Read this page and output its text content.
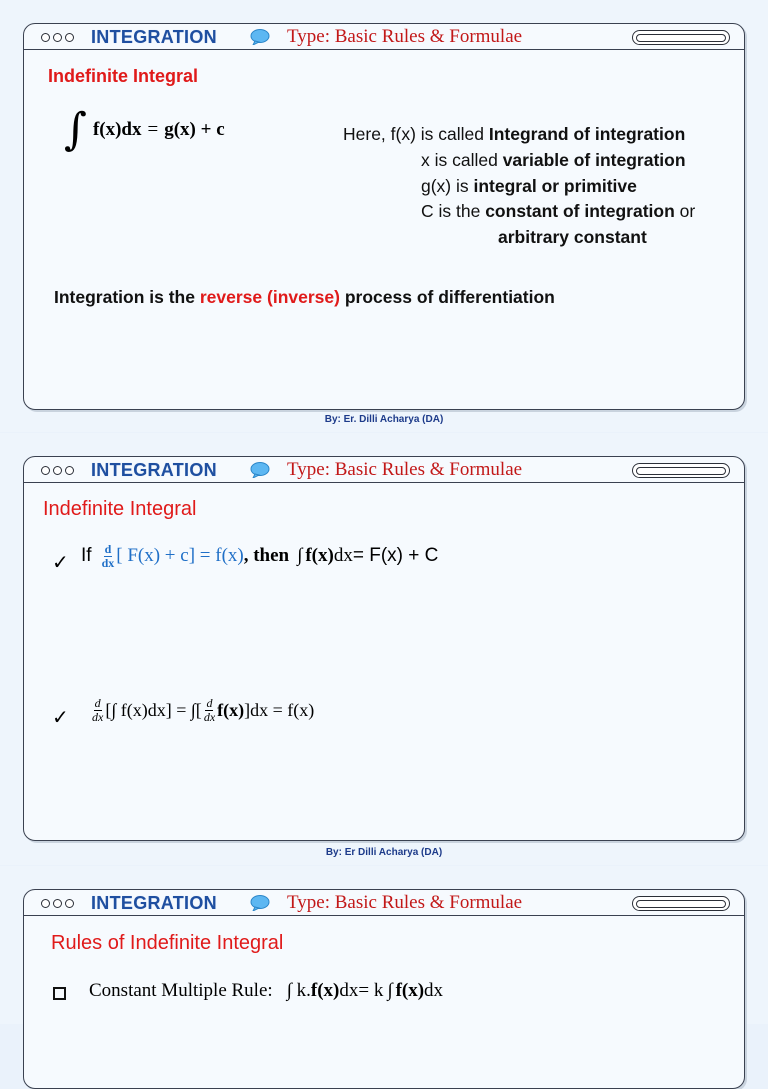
INTEGRATION	Type: Basic Rules & Formulae
Indefinite Integral
∫ f(x)dx = g(x) + c	Here, f(x) is called Integrand of integration
x is called variable of integration
g(x) is integral or primitive
C is the constant of integration or
arbitrary constant
Integration is the reverse (inverse) process of differentiation
By: Er. Dilli Acharya (DA)
INTEGRATION	Type: Basic Rules & Formulae
Indefinite Integral
✓ If $\frac{d}{dx}$ [ F(x) + c] = f(x) , then ∫ f(x) dx= F(x) + C
✓ $\frac{d}{dx}$ [∫ f(x)dx] = ∫[ $\frac{d}{dx} f(x) ]dx = f(x)$
By: Er Dilli Acharya (DA)
INTEGRATION	Type: Basic Rules & Formulae
Rules of Indefinite Integral
Constant Multiple Rule: ∫ k. f(x) dx= k ∫ f(x) dx
